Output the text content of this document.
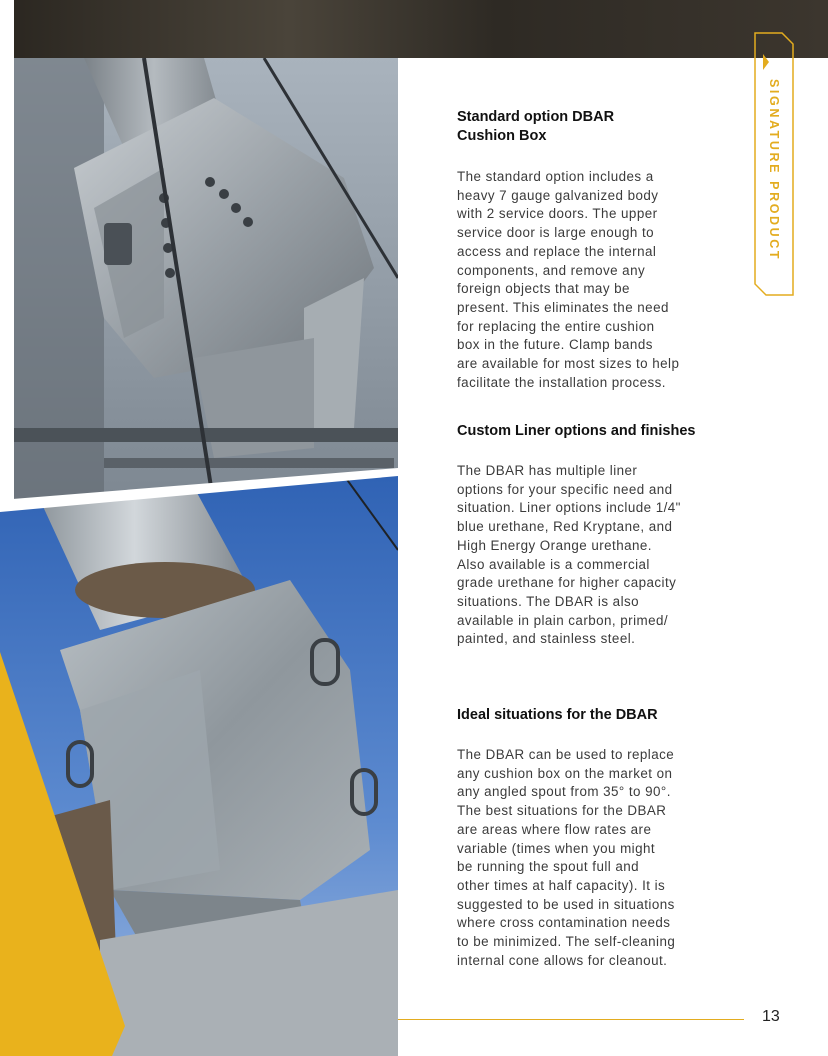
SIGNATURE PRODUCT
Standard option DBAR Cushion Box

The standard option includes a
heavy 7 gauge galvanized body
with 2 service doors. The upper
service door is large enough to
access and replace the internal
components, and remove any
foreign objects that may be
present. This eliminates the need
for replacing the entire cushion
box in the future. Clamp bands
are available for most sizes to help
facilitate the installation process.

Custom Liner options and finishes

The DBAR has multiple liner
options for your specific need and
situation. Liner options include 1/4"
blue urethane, Red Kryptane, and
High Energy Orange urethane.
Also available is a commercial
grade urethane for higher capacity
situations. The DBAR is also
available in plain carbon, primed/
painted, and stainless steel.

Ideal situations for the DBAR

The DBAR can be used to replace
any cushion box on the market on
any angled spout from 35° to 90°.
The best situations for the DBAR
are areas where flow rates are
variable (times when you might
be running the spout full and
other times at half capacity). It is
suggested to be used in situations
where cross contamination needs
to be minimized. The self-cleaning
internal cone allows for cleanout.

13
